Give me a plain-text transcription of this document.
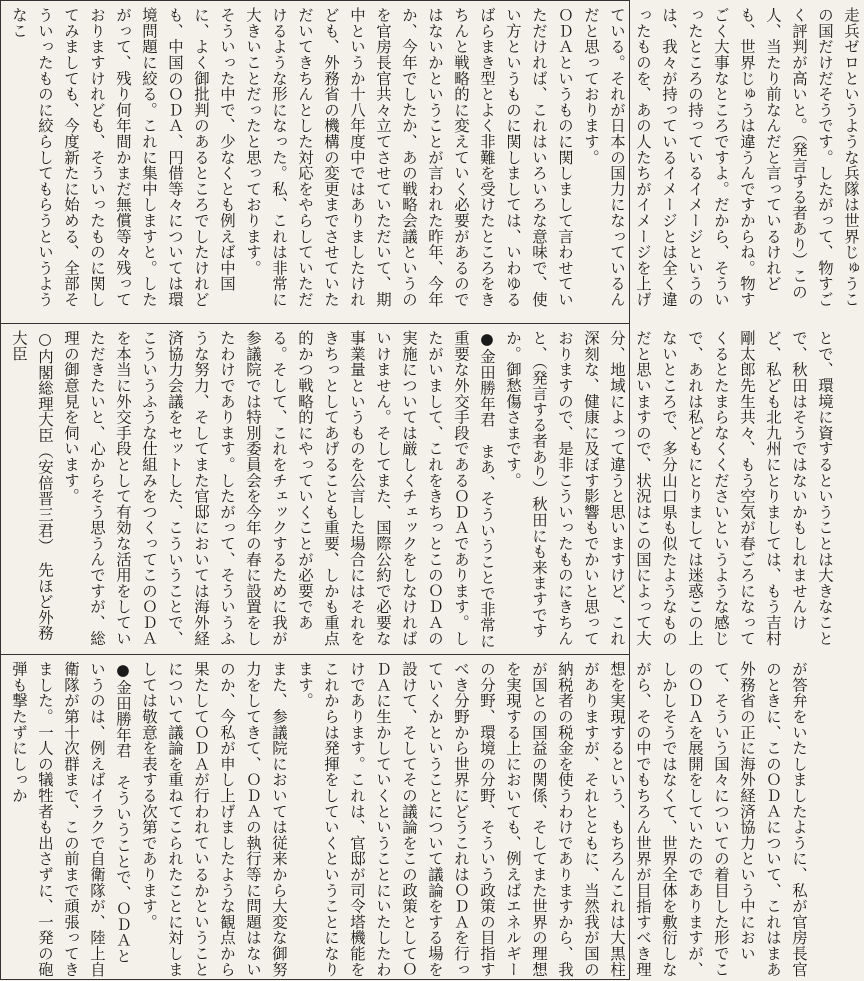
走兵ゼロというような兵隊は世界じゅうこの国だけだそうです。したがって、物すごく評判が高いと。（発言する者あり）この人、当たり前なんだと言っているけれども、世界じゅうは違うんですからね。物すごく大事なところですよ。だから、そういったところの持っているイメージというのは、我々が持っているイメージとは全く違ったものを、あの人たちがイメージを上げている。それが日本の国力になっているんだと思っております。

ＯＤＡというものに関しまして言わせていただければ、これはいろいろな意味で、使い方というものに関しましては、いわゆるばらまき型とよく非難を受けたところをきちんと戦略的に変えていく必要があるのではないかということが言われた昨年、今年か、今年でしたか、あの戦略会議というのを官房長官共々立てさせていただいて、期中というか十八年度中ではありましたけれども、外務省の機構の変更までさせていただいてきちんとした対応をやらしていただけるような形になった。私、これは非常に大きいことだったと思っております。

そういった中で、少なくとも例えば中国に、よく御批判のあるところでしたけれども、中国のＯＤＡ、円借等々については環境問題に絞る。これに集中しますと。したがって、残り何年間かまだ無償等々残っておりますけれども、そういったものに関してみましても、今度新たに始める、全部そういったものに絞らしてもらうというようなこ

とで、環境に資するということは大きなことで、秋田はそうではないかもしれませんけど、私ども北九州にとりましては、もう吉村剛太郎先生共々、もう空気が春ごろになってくるとたまらなくくださいというような感じで、あれは私どもにとりましては迷惑この上ないところで、多分山口県も似たようなものだと思いますので、状況はこの国によって大分、地域によって違うと思いますけど、これ深刻な、健康に及ぼす影響もでかいと思っておりますので、是非こういったものにきちんと、（発言する者あり）秋田にも来ますですか。御愁傷さまです。

●金田勝年君　まあ、そういうことで非常に重要な外交手段であるＯＤＡであります。したがいまして、これをきちっとこのＯＤＡの実施については厳しくチェックをしなければいけません。そしてまた、国際公約で必要な事業量というものを公言した場合にはそれをきちっとしてあげることも重要、しかも重点的かつ戦略的にやっていくことが必要である。そして、これをチェックするために我が参議院では特別委員会を今年の春に設置をしたわけであります。したがって、そういうふうな努力、そしてまた官邸においては海外経済協力会議をセットした、こういうことで、こういうふうな仕組みをつくってこのＯＤＡを本当に外交手段として有効な活用をしていただきたいと、心からそう思うんですが、総理の御意見を伺います。

○内閣総理大臣（安倍晋三君）　先ほど外務大臣

が答弁をいたしましたように、私が官房長官のときに、このＯＤＡについて、これはまあ外務省の正に海外経済協力という中において、そういう国々についての着目した形でこのＯＤＡを展開をしていたのでありますが、しかしそうではなくて、世界全体を敷衍しながら、その中でもちろん世界が目指すべき理想を実現するという、もちろんこれは大黒柱がありますが、それとともに、当然我が国の納税者の税金を使うわけでありますから、我が国との国益の関係、そしてまた世界の理想を実現する上においても、例えばエネルギーの分野、環境の分野、そういう政策の目指すべき分野から世界にどうこれはＯＤＡを行っていくかということについて議論をする場を設けて、そしてその議論をこの政策としてＯＤＡに生かしていくということにいたしたわけであります。これは、官邸が司令塔機能をこれからは発揮をしていくということになります。

また、参議院においては従来から大変な御努力をしてきて、ＯＤＡの執行等に問題はないのか、今私が申し上げましたような観点から果たしてＯＤＡが行われているかということについて議論を重ねてこられたことに対しましては敬意を表する次第であります。

●金田勝年君　そういうことで、ＯＤＡというのは、例えばイラクで自衛隊が、陸上自衛隊が第十次群まで、この前まで頑張ってきました。一人の犠牲者も出さずに、一発の砲弾も撃たずにしっか
